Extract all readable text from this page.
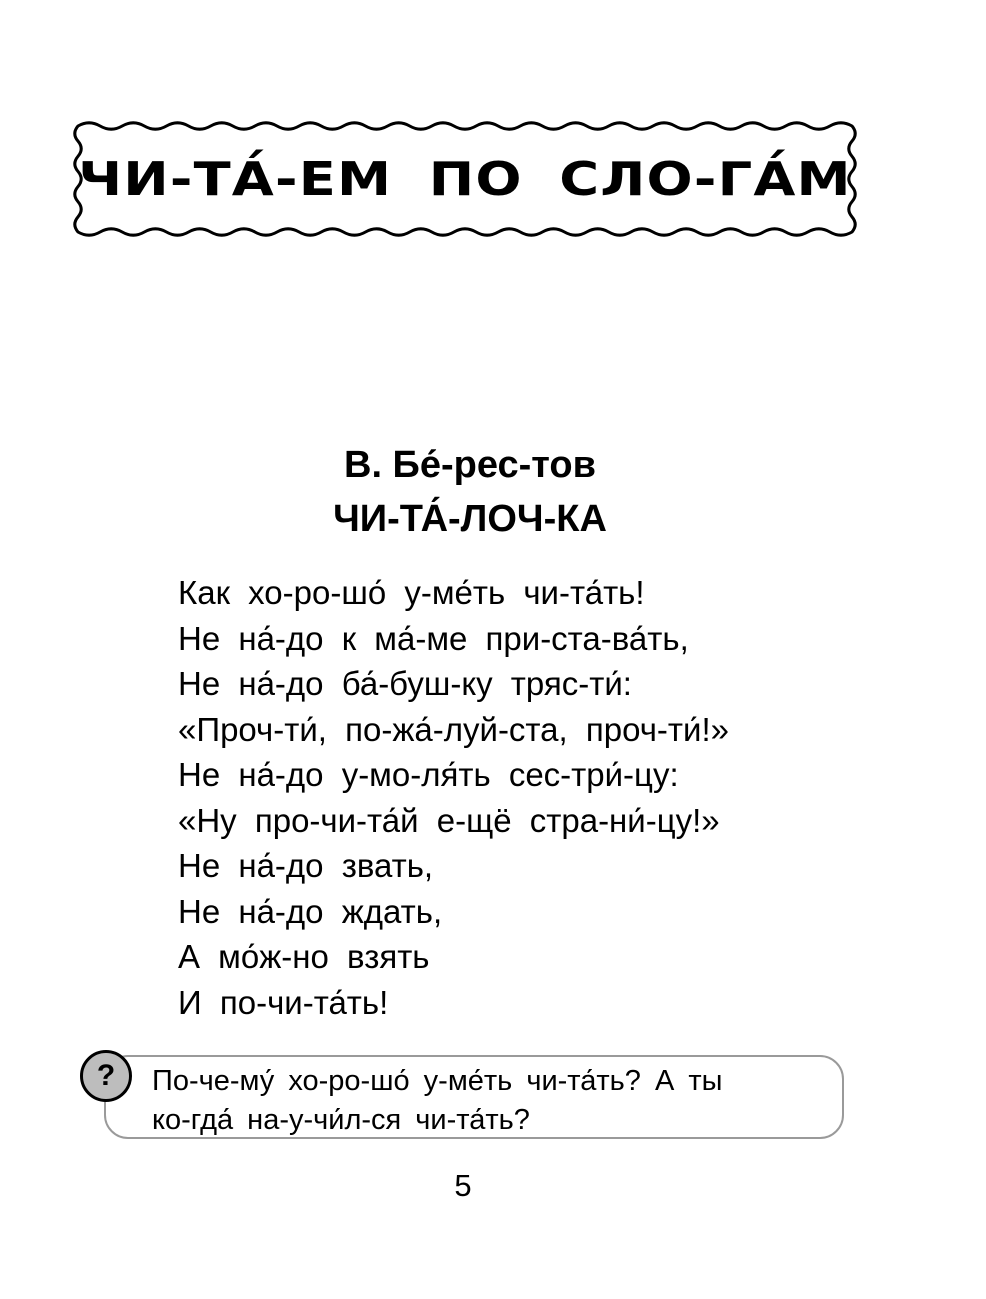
ЧИ-ТА́-ЕМ ПО СЛО-ГА́М
В. Бе́-рес-тов
ЧИ-ТА́-ЛОЧ-КА
Как хо-ро-шо́ у-ме́ть чи-та́ть!
Не на́-до к ма́-ме при-ста-ва́ть,
Не на́-до ба́-буш-ку тряс-ти́:
«Проч-ти́, по-жа́-луй-ста, проч-ти́!»
Не на́-до у-мо-ля́ть сес-три́-цу:
«Ну про-чи-та́й е-щё стра-ни́-цу!»
Не на́-до звать,
Не на́-до ждать,
А мо́ж-но взять
И по-чи-та́ть!
?	По-че-му́ хо-ро-шо́ у-ме́ть чи-та́ть? А ты
ко-гда́ на-у-чи́л-ся чи-та́ть?
5
